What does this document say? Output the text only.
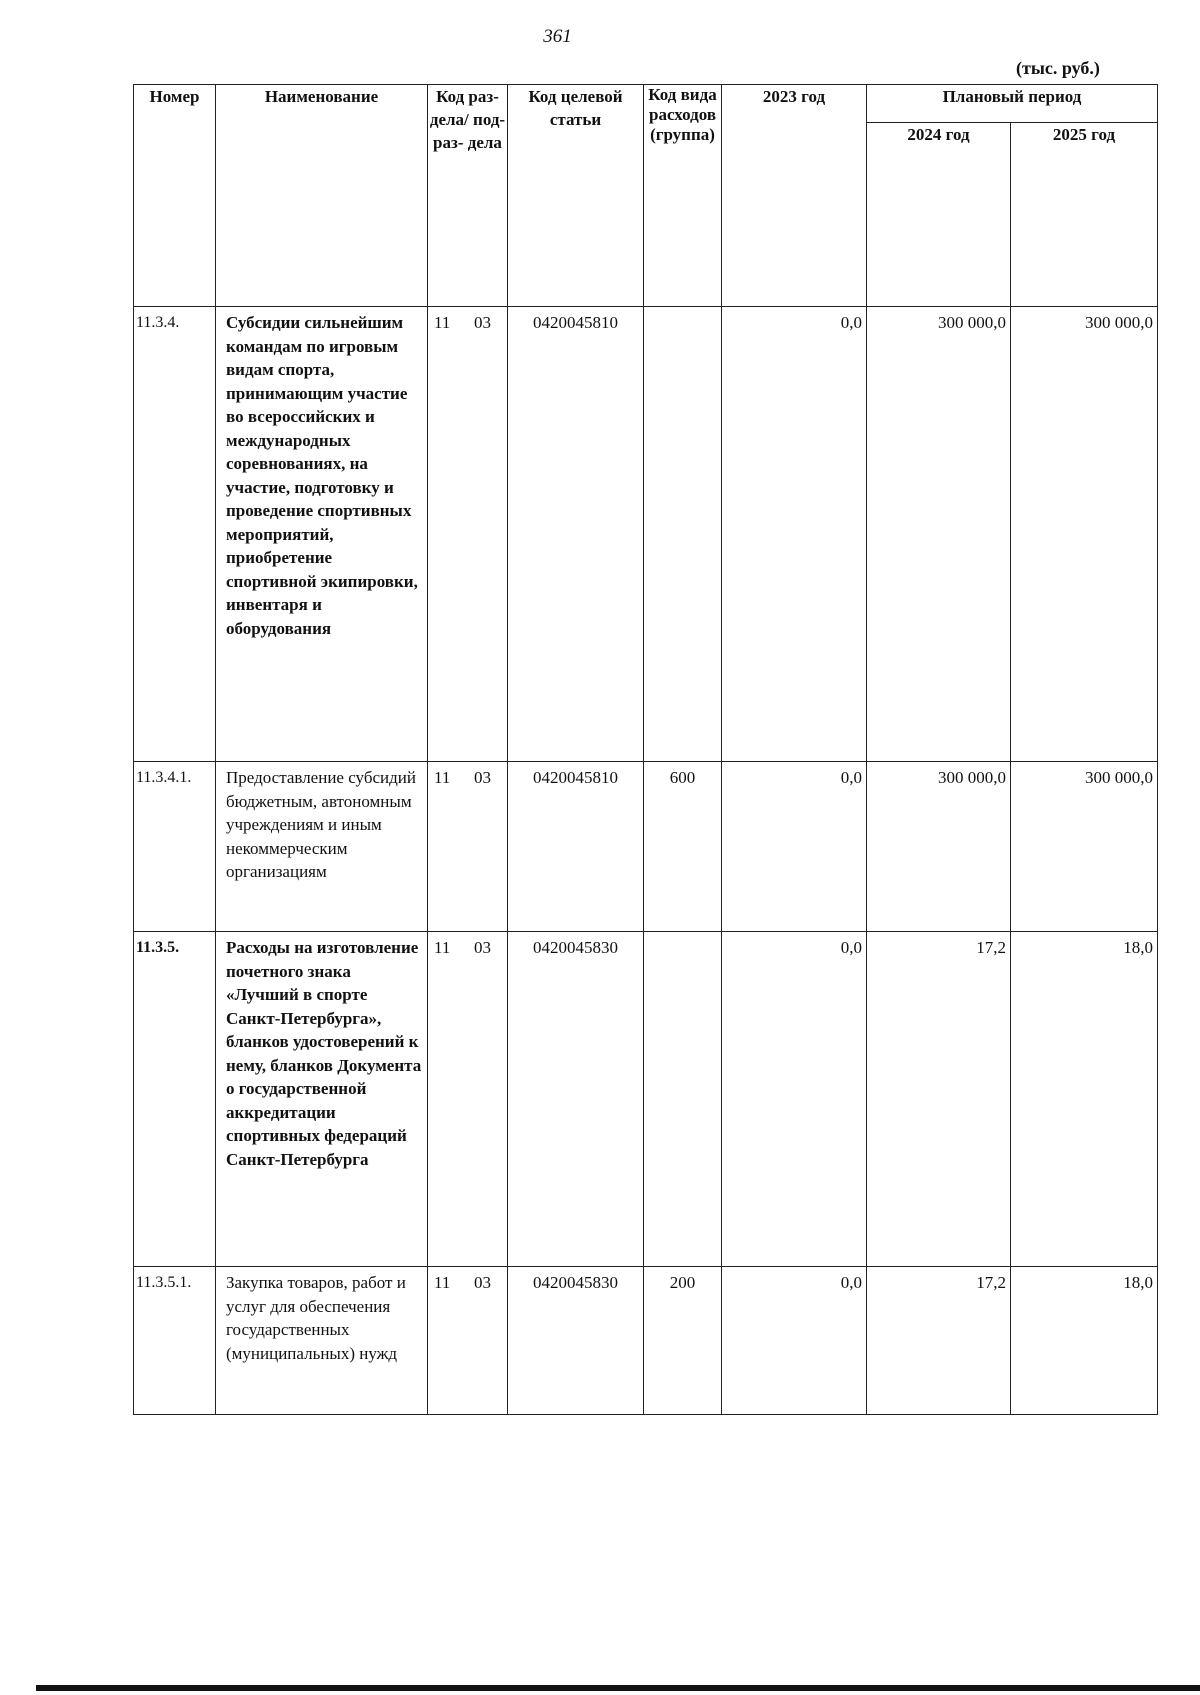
361
(тыс. руб.)
Номер	Наименование	Код раз- дела/ под- раз- дела	Код целевой статьи	Код вида расходов (группа)	2023 год	Плановый период	
						2024 год	2025 год
11.3.4.	Субсидии сильнейшим командам по игровым видам спорта, принимающим участие во всероссийских и международных соревнованиях, на участие, подготовку и проведение спортивных мероприятий, приобретение спортивной экипировки, инвентаря и оборудования	11 03	0420045810		0,0	300 000,0	300 000,0
11.3.4.1.	Предоставление субсидий бюджетным, автономным учреждениям и иным некоммерческим организациям	11 03	0420045810	600	0,0	300 000,0	300 000,0
11.3.5.	Расходы на изготовление почетного знака «Лучший в спорте Санкт-Петербурга», бланков удостоверений к нему, бланков Документа о государственной аккредитации спортивных федераций Санкт-Петербурга	11 03	0420045830		0,0	17,2	18,0
11.3.5.1.	Закупка товаров, работ и услуг для обеспечения государственных (муниципальных) нужд	11 03	0420045830	200	0,0	17,2	18,0
